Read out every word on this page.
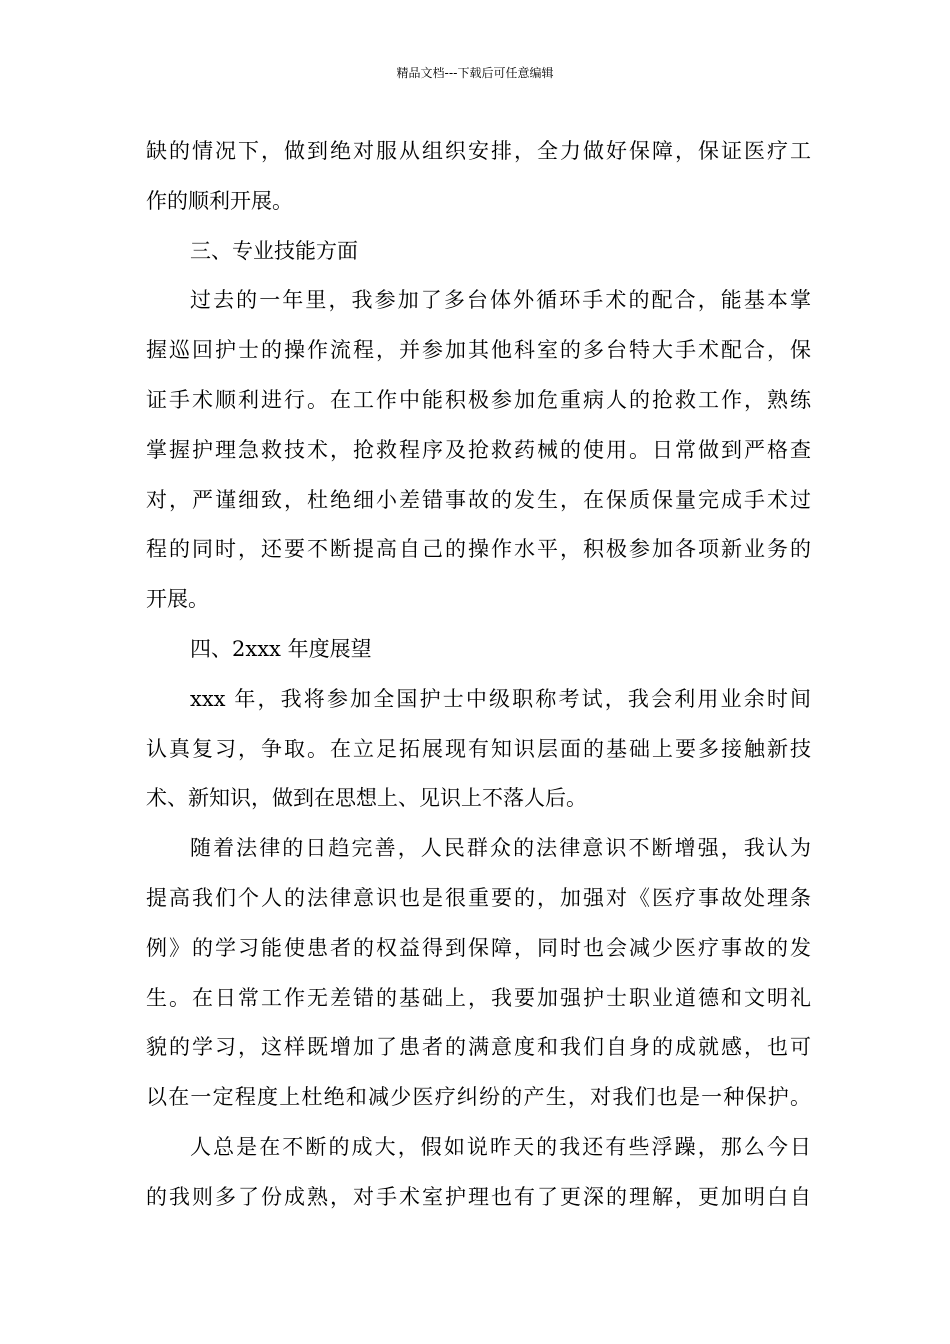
精品文档---下载后可任意编辑
缺的情况下，做到绝对服从组织安排，全力做好保障，保证医疗工
作的顺利开展。
三、专业技能方面
过去的一年里，我参加了多台体外循环手术的配合，能基本掌
握巡回护士的操作流程，并参加其他科室的多台特大手术配合，保
证手术顺利进行。在工作中能积极参加危重病人的抢救工作，熟练
掌握护理急救技术，抢救程序及抢救药械的使用。日常做到严格查
对，严谨细致，杜绝细小差错事故的发生，在保质保量完成手术过
程的同时，还要不断提高自己的操作水平，积极参加各项新业务的
开展。
四、2xxx 年度展望
xxx 年，我将参加全国护士中级职称考试，我会利用业余时间
认真复习，争取。在立足拓展现有知识层面的基础上要多接触新技
术、新知识，做到在思想上、见识上不落人后。
随着法律的日趋完善，人民群众的法律意识不断增强，我认为
提高我们个人的法律意识也是很重要的，加强对《医疗事故处理条
例》的学习能使患者的权益得到保障，同时也会减少医疗事故的发
生。在日常工作无差错的基础上，我要加强护士职业道德和文明礼
貌的学习，这样既增加了患者的满意度和我们自身的成就感，也可
以在一定程度上杜绝和减少医疗纠纷的产生，对我们也是一种保护。
人总是在不断的成大，假如说昨天的我还有些浮躁，那么今日
的我则多了份成熟，对手术室护理也有了更深的理解，更加明白自
